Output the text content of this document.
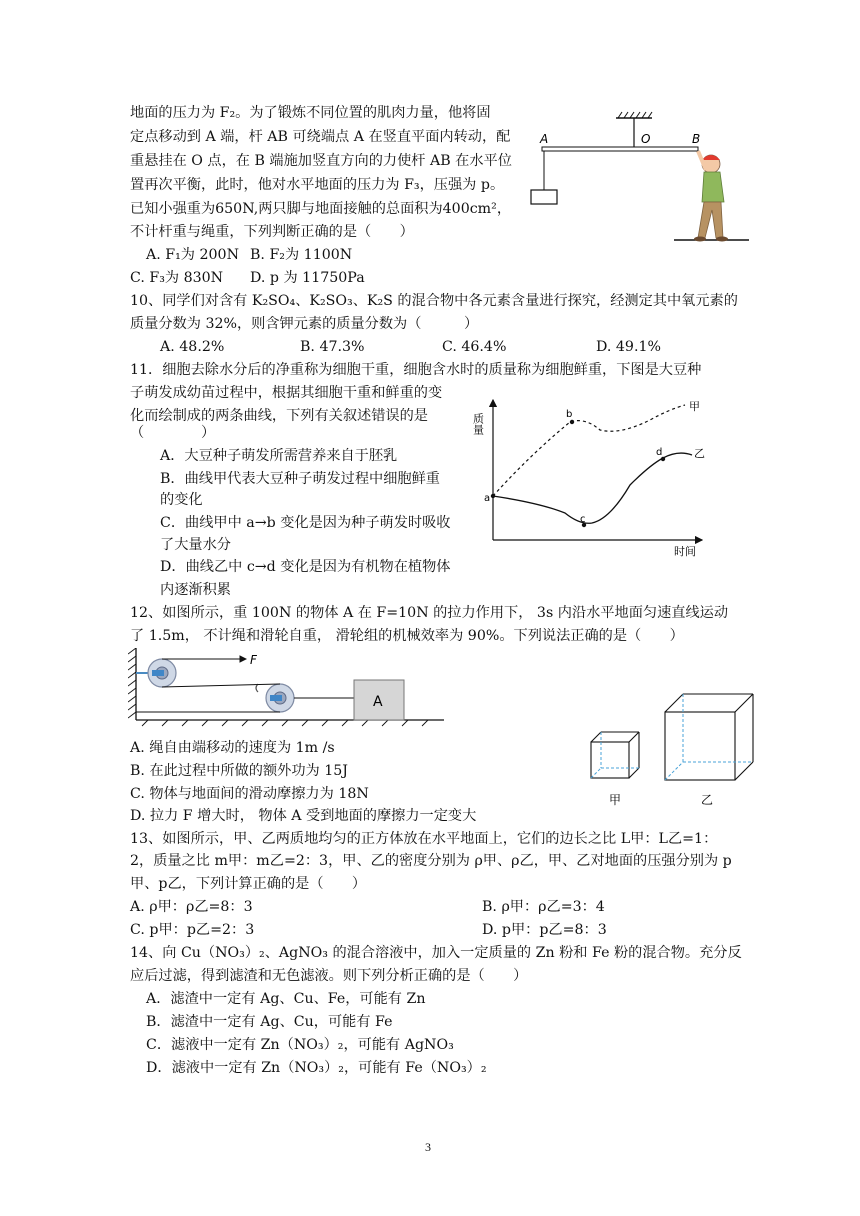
地面的压力为 F₂。为了锻炼不同位置的肌肉力量，他将固
定点移动到 A 端，杆 AB 可绕端点 A 在竖直平面内转动，配
重悬挂在 O 点，在 B 端施加竖直方向的力使杆 AB 在水平位
置再次平衡，此时，他对水平地面的压力为 F₃，压强为 p。
已知小强重为650N,两只脚与地面接触的总面积为400cm²，
不计杆重与绳重，下列判断正确的是（　　）
A. F₁为 200N B. F₂为 1100N
C. F₃为 830N D. p 为 11750Pa
A	O	B
10、同学们对含有 K₂SO₄、K₂SO₃、K₂S 的混合物中各元素含量进行探究，经测定其中氧元素的
质量分数为 32%，则含钾元素的质量分数为（　　　）
A. 48.2%	B. 47.3%	C. 46.4%	D. 49.1%
11．细胞去除水分后的净重称为细胞干重，细胞含水时的质量称为细胞鲜重，下图是大豆种
子萌发成幼苗过程中，根据其细胞干重和鲜重的变
化而绘制成的两条曲线，下列有关叙述错误的是
（　　　　）
A．大豆种子萌发所需营养来自于胚乳
B．曲线甲代表大豆种子萌发过程中细胞鲜重
的变化
C．曲线甲中 a→b 变化是因为种子萌发时吸收
了大量水分
D．曲线乙中 c→d 变化是因为有机物在植物体
内逐渐积累
质量
时间
a
b
c
d
甲
乙
12、如图所示，重 100N 的物体 A 在 F=10N 的拉力作用下， 3s 内沿水平地面匀速直线运动
了 1.5m， 不计绳和滑轮自重， 滑轮组的机械效率为 90%。下列说法正确的是（　　）
F
A
A. 绳自由端移动的速度为 1m /s
B. 在此过程中所做的额外功为 15J
C. 物体与地面间的滑动摩擦力为 18N
D. 拉力 F 增大时， 物体 A 受到地面的摩擦力一定变大
甲	乙
13、如图所示，甲、乙两质地均匀的正方体放在水平地面上，它们的边长之比 L甲：L乙=1：
2，质量之比 m甲：m乙=2：3，甲、乙的密度分别为 ρ甲、ρ乙，甲、乙对地面的压强分别为 p
甲、p乙，下列计算正确的是（　　）
A. ρ甲：ρ乙=8：3	B. ρ甲：ρ乙=3：4
C. p甲：p乙=2：3	D. p甲：p乙=8：3
14、向 Cu（NO₃）₂、AgNO₃ 的混合溶液中，加入一定质量的 Zn 粉和 Fe 粉的混合物。充分反
应后过滤，得到滤渣和无色滤液。则下列分析正确的是（　　）
A．滤渣中一定有 Ag、Cu、Fe，可能有 Zn
B．滤渣中一定有 Ag、Cu，可能有 Fe
C．滤液中一定有 Zn（NO₃）₂，可能有 AgNO₃
D．滤液中一定有 Zn（NO₃）₂，可能有 Fe（NO₃）₂
3
